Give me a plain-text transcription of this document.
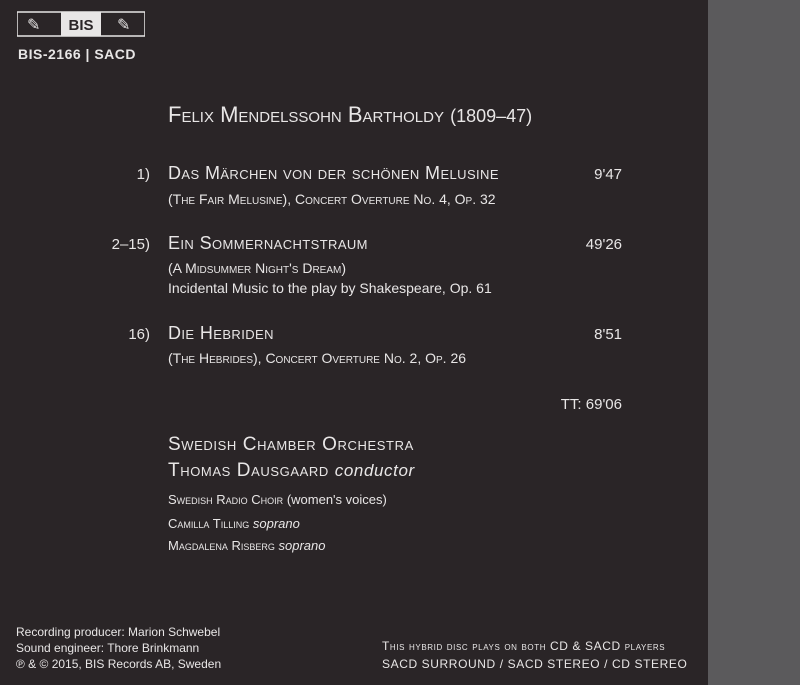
✎ BIS ✎
BIS-2166 | SACD
Felix Mendelssohn Bartholdy (1809–47)
1) Das Märchen von der schönen Melusine	9'47
(The Fair Melusine), Concert Overture No. 4, Op. 32
2–15) Ein Sommernachtstraum	49'26
(A Midsummer Night's Dream)
Incidental Music to the play by Shakespeare, Op. 61
16) Die Hebriden	8'51
(The Hebrides), Concert Overture No. 2, Op. 26
TT: 69'06
Swedish Chamber Orchestra
Thomas Dausgaard conductor
Swedish Radio Choir (women's voices)
Camilla Tilling soprano
Magdalena Risberg soprano
Recording producer: Marion Schwebel
Sound engineer: Thore Brinkmann
℗ & © 2015, BIS Records AB, Sweden
This hybrid disc plays on both CD & SACD players
SACD SURROUND / SACD STEREO / CD STEREO
